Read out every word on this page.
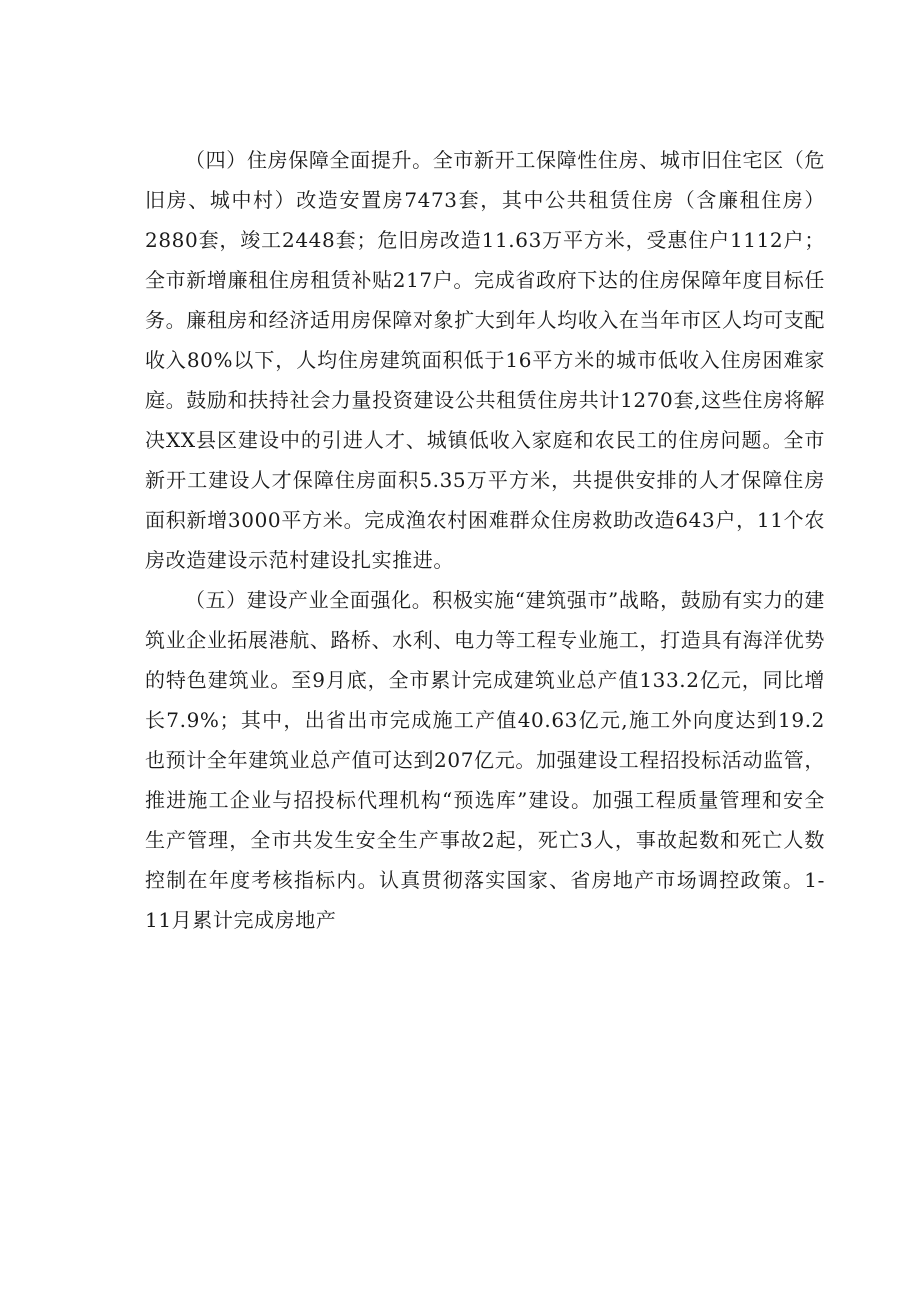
（四）住房保障全面提升。全市新开工保障性住房、城市旧住宅区（危旧房、城中村）改造安置房7473套，其中公共租赁住房（含廉租住房）2880套，竣工2448套；危旧房改造11.63万平方米，受惠住户1112户；全市新增廉租住房租赁补贴217户。完成省政府下达的住房保障年度目标任务。廉租房和经济适用房保障对象扩大到年人均收入在当年市区人均可支配收入80%以下，人均住房建筑面积低于16平方米的城市低收入住房困难家庭。鼓励和扶持社会力量投资建设公共租赁住房共计1270套,这些住房将解决XX县区建设中的引进人才、城镇低收入家庭和农民工的住房问题。全市新开工建设人才保障住房面积5.35万平方米，共提供安排的人才保障住房面积新增3000平方米。完成渔农村困难群众住房救助改造643户，11个农房改造建设示范村建设扎实推进。

（五）建设产业全面强化。积极实施“建筑强市”战略，鼓励有实力的建筑业企业拓展港航、路桥、水利、电力等工程专业施工，打造具有海洋优势的特色建筑业。至9月底，全市累计完成建筑业总产值133.2亿元，同比增长7.9%；其中，出省出市完成施工产值40.63亿元,施工外向度达到19.2也预计全年建筑业总产值可达到207亿元。加强建设工程招投标活动监管，推进施工企业与招投标代理机构“预选库”建设。加强工程质量管理和安全生产管理，全市共发生安全生产事故2起，死亡3人，事故起数和死亡人数控制在年度考核指标内。认真贯彻落实国家、省房地产市场调控政策。1-11月累计完成房地产
